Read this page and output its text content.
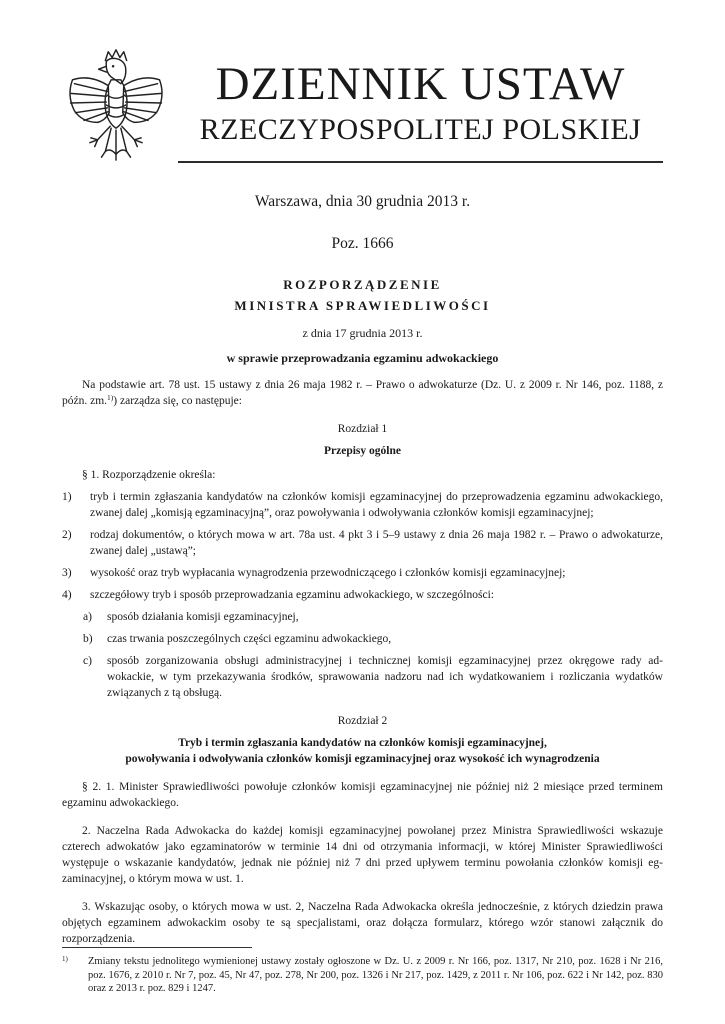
DZIENNIK USTAW
RZECZYPOSPOLITEJ POLSKIEJ
Warszawa, dnia 30 grudnia 2013 r.
Poz. 1666
ROZPORZĄDZENIE
MINISTRA SPRAWIEDLIWOŚCI
z dnia 17 grudnia 2013 r.
w sprawie przeprowadzania egzaminu adwokackiego

Na podstawie art. 78 ust. 15 ustawy z dnia 26 maja 1982 r. – Prawo o adwokaturze (Dz. U. z 2009 r. Nr 146, poz. 1188, z późn. zm.$^{1)}$) zarządza się, co następuje:

Rozdział 1
Przepisy ogólne

§ 1. Rozporządzenie określa:

1)	tryb i termin zgłaszania kandydatów na członków komisji egzaminacyjnej do przeprowadzenia egzaminu adwokackiego, zwanej dalej „komisją egzaminacyjną”, oraz powoływania i odwoływania członków komisji egzaminacyjnej;
2)	rodzaj dokumentów, o których mowa w art. 78a ust. 4 pkt 3 i 5–9 ustawy z dnia 26 maja 1982 r. – Prawo o adwokaturze, zwanej dalej „ustawą”;
3)	wysokość oraz tryb wypłacania wynagrodzenia przewodniczącego i członków komisji egzaminacyjnej;
4)	szczegółowy tryb i sposób przeprowadzania egzaminu adwokackiego, w szczególności:
a)	sposób działania komisji egzaminacyjnej,
b)	czas trwania poszczególnych części egzaminu adwokackiego,
c)	sposób zorganizowania obsługi administracyjnej i technicznej komisji egzaminacyjnej przez okręgowe rady adwokackie, w tym przekazywania środków, sprawowania nadzoru nad ich wydatkowaniem i rozliczania wydatków związanych z tą obsługą.
Rozdział 2
Tryb i termin zgłaszania kandydatów na członków komisji egzaminacyjnej,
powoływania i odwoływania członków komisji egzaminacyjnej oraz wysokość ich wynagrodzenia

§ 2. 1. Minister Sprawiedliwości powołuje członków komisji egzaminacyjnej nie później niż 2 miesiące przed terminem egzaminu adwokackiego.

2. Naczelna Rada Adwokacka do każdej komisji egzaminacyjnej powołanej przez Ministra Sprawiedliwości wskazuje czterech adwokatów jako egzaminatorów w terminie 14 dni od otrzymania informacji, w której Minister Sprawiedliwości występuje o wskazanie kandydatów, jednak nie później niż 7 dni przed upływem terminu powołania członków komisji egzaminacyjnej, o którym mowa w ust. 1.

3. Wskazując osoby, o których mowa w ust. 2, Naczelna Rada Adwokacka określa jednocześnie, z których dziedzin prawa objętych egzaminem adwokackim osoby te są specjalistami, oraz dołącza formularz, którego wzór stanowi załącznik do rozporządzenia.

1)	Zmiany tekstu jednolitego wymienionej ustawy zostały ogłoszone w Dz. U. z 2009 r. Nr 166, poz. 1317, Nr 210, poz. 1628 i Nr 216, poz. 1676, z 2010 r. Nr 7, poz. 45, Nr 47, poz. 278, Nr 200, poz. 1326 i Nr 217, poz. 1429, z 2011 r. Nr 106, poz. 622 i Nr 142, poz. 830 oraz z 2013 r. poz. 829 i 1247.
